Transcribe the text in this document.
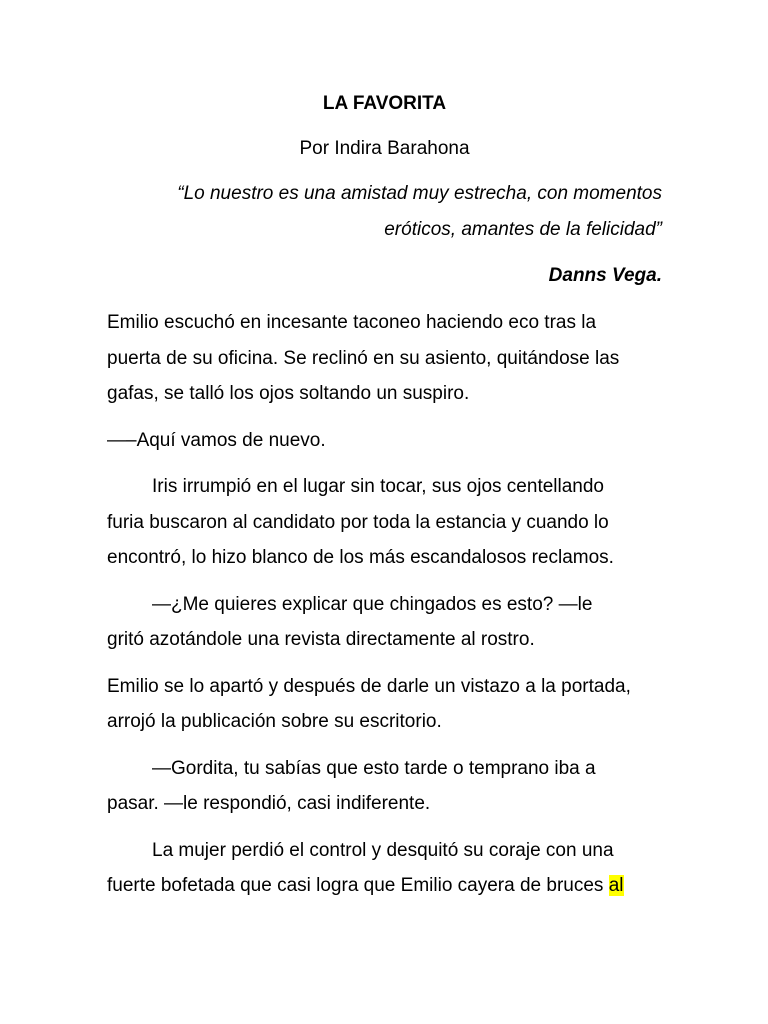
LA FAVORITA

Por Indira Barahona

“Lo nuestro es una amistad muy estrecha, con momentos
eróticos, amantes de la felicidad”

Danns Vega.

Emilio escuchó en incesante taconeo haciendo eco tras la
puerta de su oficina. Se reclinó en su asiento, quitándose las
gafas, se talló los ojos soltando un suspiro.
—–Aquí vamos de nuevo.
Iris irrumpió en el lugar sin tocar, sus ojos centellando
furia buscaron al candidato por toda la estancia y cuando lo
encontró, lo hizo blanco de los más escandalosos reclamos.
—¿Me quieres explicar que chingados es esto? —le
gritó azotándole una revista directamente al rostro.
Emilio se lo apartó y después de darle un vistazo a la portada,
arrojó la publicación sobre su escritorio.
—Gordita, tu sabías que esto tarde o temprano iba a
pasar. —le respondió, casi indiferente.
La mujer perdió el control y desquitó su coraje con una
fuerte bofetada que casi logra que Emilio cayera de bruces al
